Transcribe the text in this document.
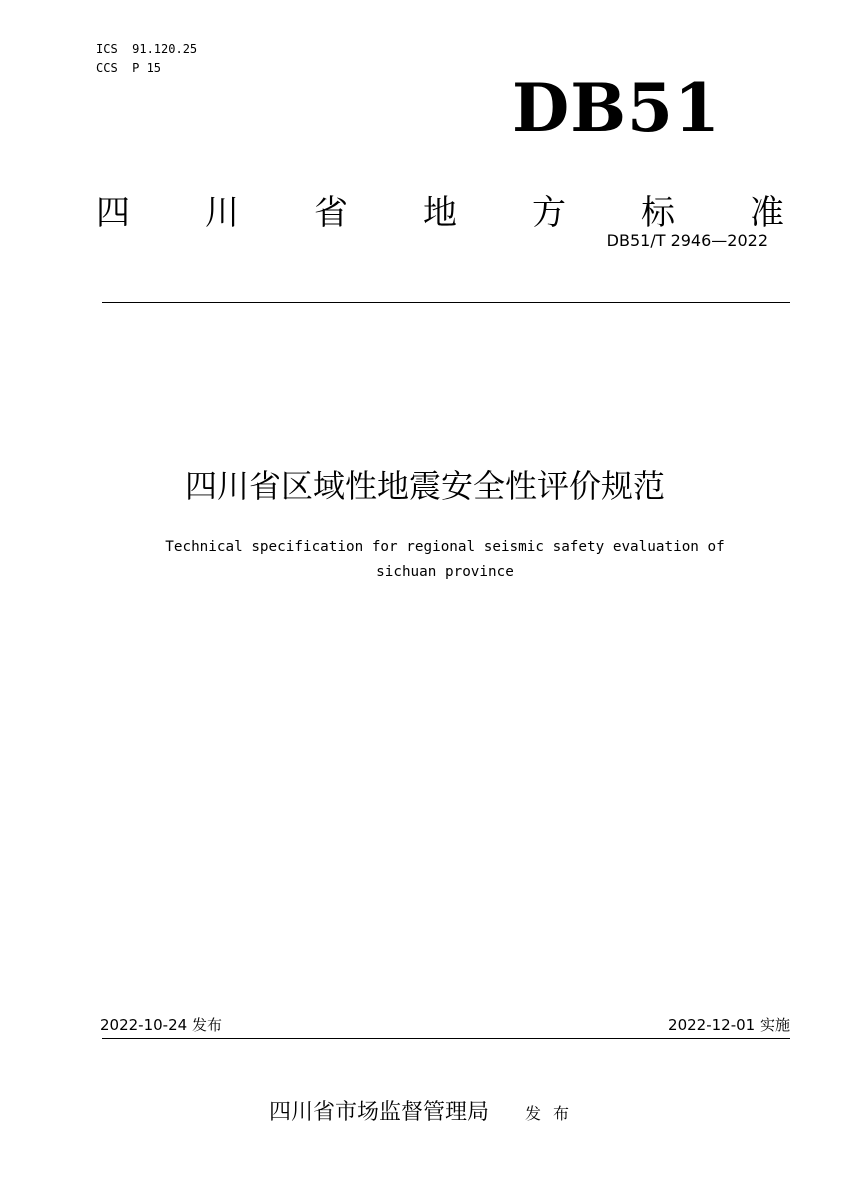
ICS  91.120.25
CCS  P 15
DB51
四 川 省 地 方 标 准
DB51/T 2946—2022
四川省区域性地震安全性评价规范
Technical specification for regional seismic safety evaluation of
sichuan province
2022-10-24 发布	2022-12-01 实施
四川省市场监督管理局 发布
